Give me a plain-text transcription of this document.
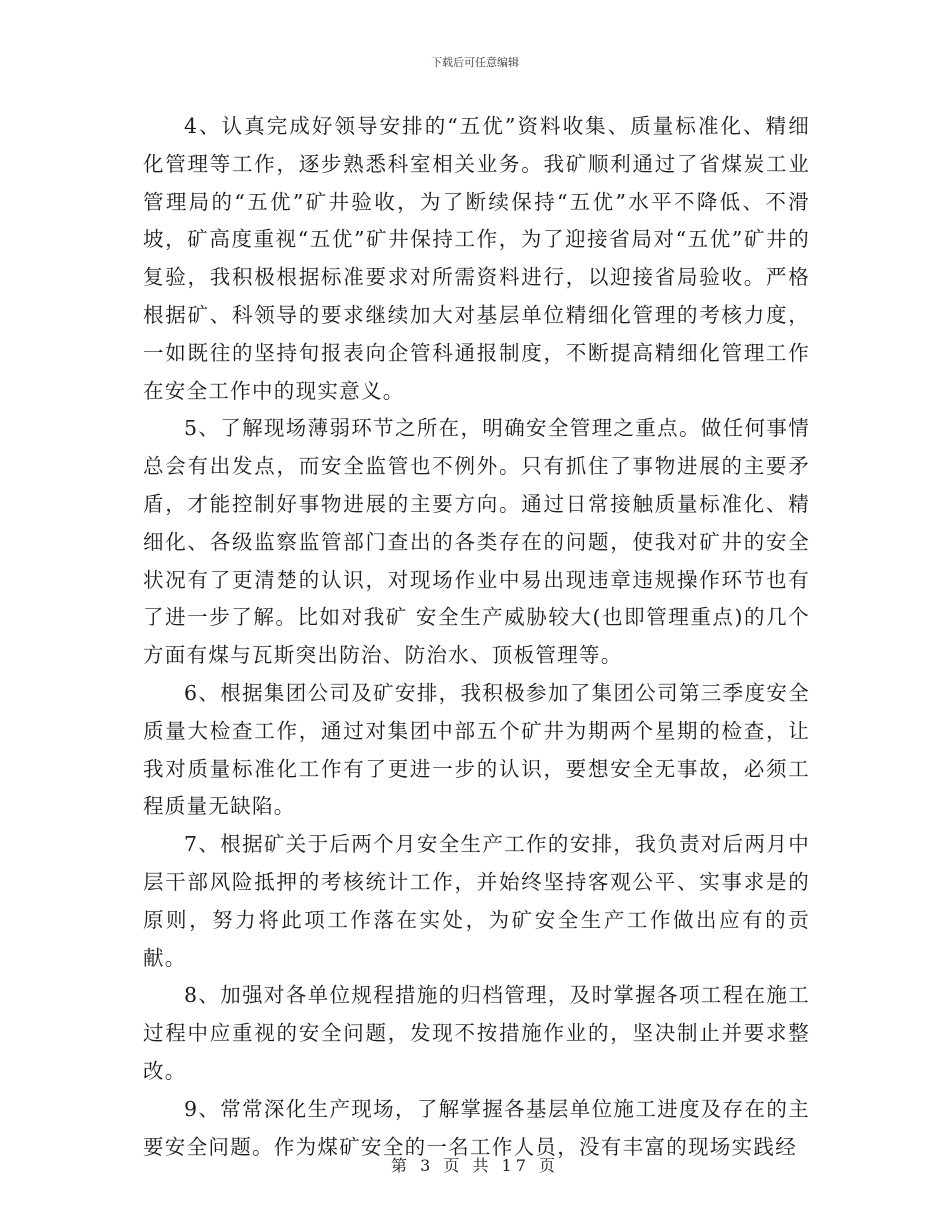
下载后可任意编辑

4、认真完成好领导安排的“五优”资料收集、质量标准化、精细化管理等工作，逐步熟悉科室相关业务。我矿顺利通过了省煤炭工业管理局的“五优”矿井验收，为了断续保持“五优”水平不降低、不滑坡，矿高度重视“五优”矿井保持工作，为了迎接省局对“五优”矿井的复验，我积极根据标准要求对所需资料进行，以迎接省局验收。严格根据矿、科领导的要求继续加大对基层单位精细化管理的考核力度，一如既往的坚持旬报表向企管科通报制度，不断提高精细化管理工作在安全工作中的现实意义。

5、了解现场薄弱环节之所在，明确安全管理之重点。做任何事情总会有出发点，而安全监管也不例外。只有抓住了事物进展的主要矛盾，才能控制好事物进展的主要方向。通过日常接触质量标准化、精细化、各级监察监管部门查出的各类存在的问题，使我对矿井的安全状况有了更清楚的认识，对现场作业中易出现违章违规操作环节也有了进一步了解。比如对我矿 安全生产威胁较大(也即管理重点)的几个方面有煤与瓦斯突出防治、防治水、顶板管理等。

6、根据集团公司及矿安排，我积极参加了集团公司第三季度安全质量大检查工作，通过对集团中部五个矿井为期两个星期的检查，让我对质量标准化工作有了更进一步的认识，要想安全无事故，必须工程质量无缺陷。

7、根据矿关于后两个月安全生产工作的安排，我负责对后两月中层干部风险抵押的考核统计工作，并始终坚持客观公平、实事求是的原则，努力将此项工作落在实处，为矿安全生产工作做出应有的贡献。

8、加强对各单位规程措施的归档管理，及时掌握各项工程在施工过程中应重视的安全问题，发现不按措施作业的，坚决制止并要求整改。

9、常常深化生产现场，了解掌握各基层单位施工进度及存在的主要安全问题。作为煤矿安全的一名工作人员，没有丰富的现场实践经

第 3 页 共 17 页
